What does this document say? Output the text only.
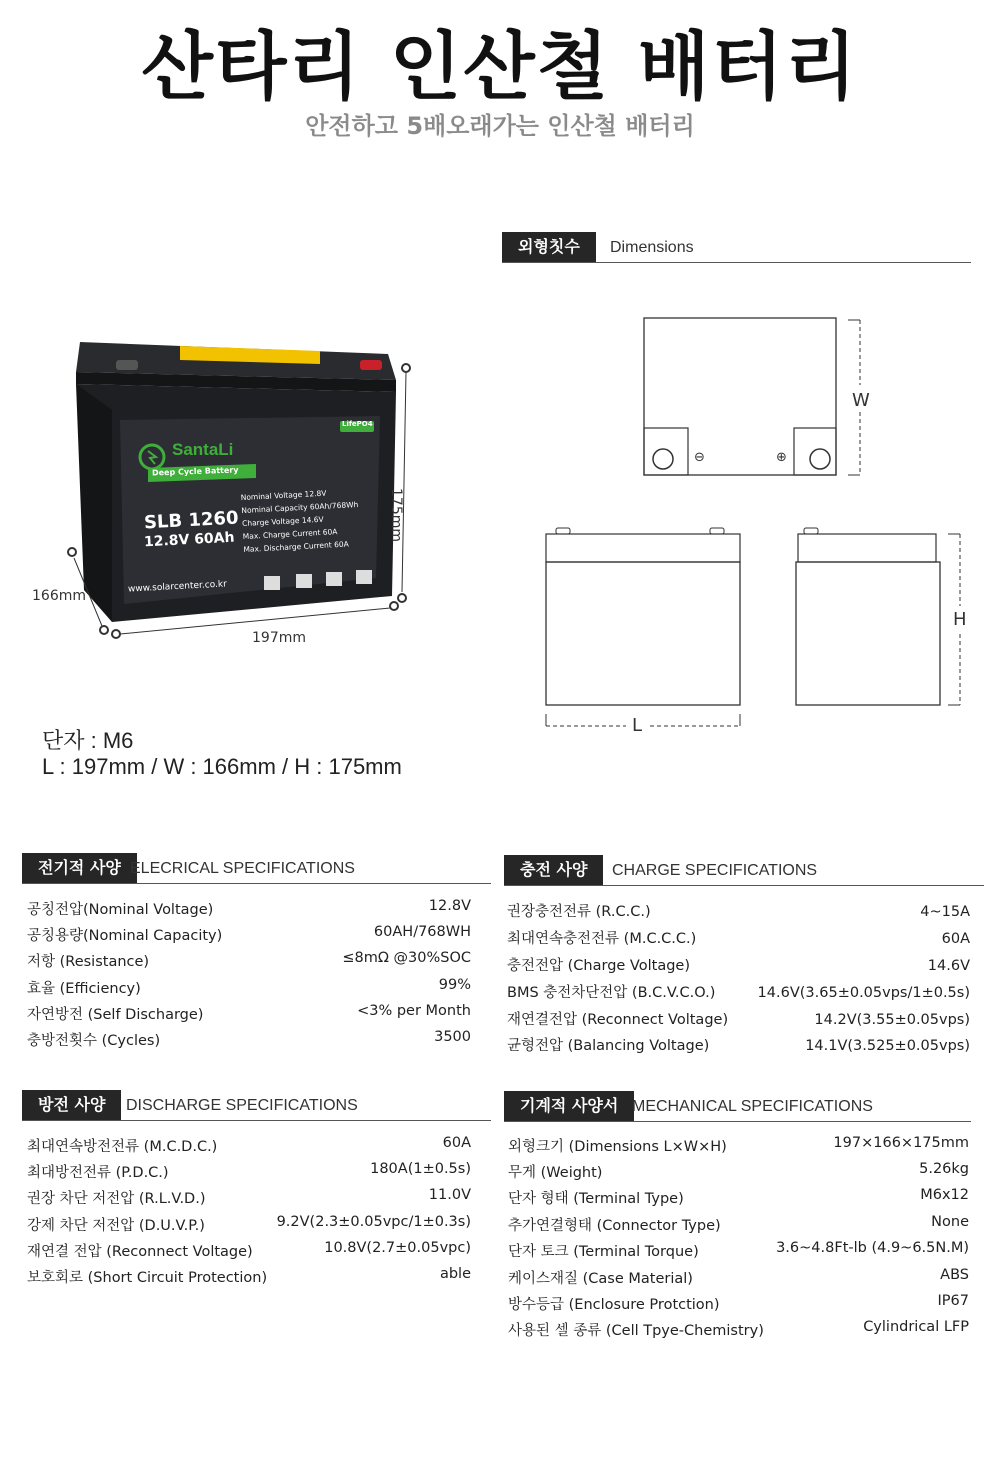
산타리 인산철 배터리
안전하고 5배오래가는 인산철 배터리
SantaLi
LifePO4
Deep Cycle Battery
SLB 1260
12.8V 60Ah
Nominal Voltage 12.8V
Nominal Capacity 60Ah/768Wh
Charge Voltage 14.6V
Max. Charge Current 60A
Max. Discharge Current 60A
www.solarcenter.co.kr
175mm
166mm
197mm
단자 : M6
L : 197mm / W : 166mm / H : 175mm
외형칫수	Dimensions
W
H
L
⊖	⊕
전기적 사양 ELECRICAL SPECIFICATIONS
공칭전압(Nominal Voltage)	12.8V
공칭용량(Nominal Capacity)	60AH/768WH
저항 (Resistance)	≤8mΩ @30%SOC
효율 (Efficiency)	99%
자연방전 (Self Discharge)	<3% per Month
충방전횟수 (Cycles)	3500
충전 사양	CHARGE SPECIFICATIONS
권장충전전류 (R.C.C.)	4~15A
최대연속충전전류 (M.C.C.C.)	60A
충전전압 (Charge Voltage)	14.6V
BMS 충전차단전압 (B.C.V.C.O.)	14.6V(3.65±0.05vps/1±0.5s)
재연결전압 (Reconnect Voltage)	14.2V(3.55±0.05vps)
균형전압 (Balancing Voltage)	14.1V(3.525±0.05vps)
방전 사양	DISCHARGE SPECIFICATIONS
최대연속방전전류 (M.C.D.C.)	60A
최대방전전류 (P.D.C.)	180A(1±0.5s)
권장 차단 저전압 (R.L.V.D.)	11.0V
강제 차단 저전압 (D.U.V.P.)	9.2V(2.3±0.05vpc/1±0.3s)
재연결 전압 (Reconnect Voltage)	10.8V(2.7±0.05vpc)
보호회로 (Short Circuit Protection)	able
기계적 사양서 MECHANICAL SPECIFICATIONS
외형크기 (Dimensions L×W×H)	197×166×175mm
무게 (Weight)	5.26kg
단자 형태 (Terminal Type)	M6x12
추가연결형태 (Connector Type)	None
단자 토크 (Terminal Torque)	3.6~4.8Ft-lb (4.9~6.5N.M)
케이스재질 (Case Material)	ABS
방수등급 (Enclosure Protction)	IP67
사용된 셀 종류 (Cell Tpye-Chemistry)	Cylindrical LFP
